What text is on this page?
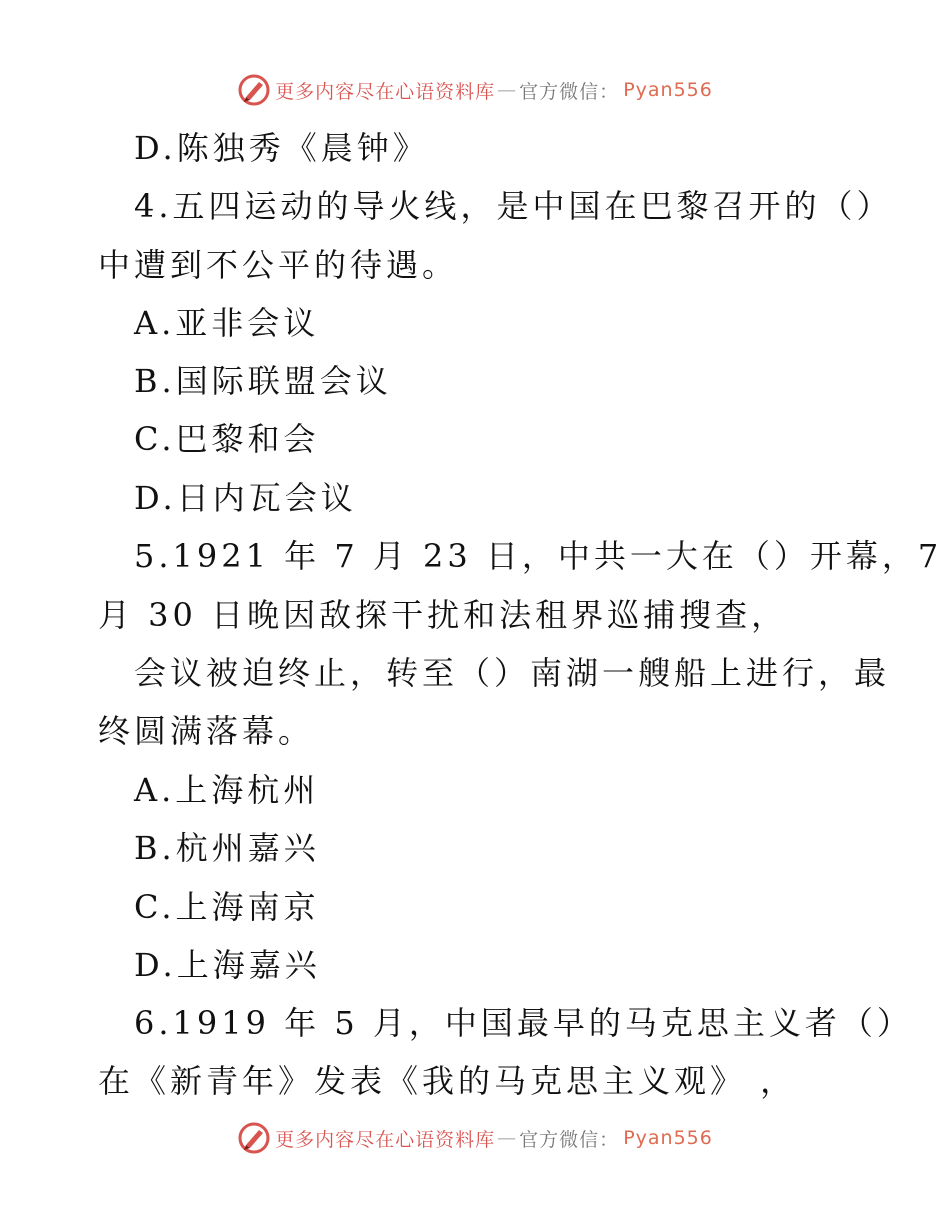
更多内容尽在心语资料库 — 官方微信： Pyan556
D.陈独秀《晨钟》
4.五四运动的导火线，是中国在巴黎召开的（）
中遭到不公平的待遇。
A.亚非会议
B.国际联盟会议
C.巴黎和会
D.日内瓦会议
5.1921 年 7 月 23 日，中共一大在（）开幕，7
月 30 日晚因敌探干扰和法租界巡捕搜查，
会议被迫终止，转至（）南湖一艘船上进行，最
终圆满落幕。
A.上海杭州
B.杭州嘉兴
C.上海南京
D.上海嘉兴
6.1919 年 5 月，中国最早的马克思主义者（）
在《新青年》发表《我的马克思主义观》 ，
更多内容尽在心语资料库 — 官方微信： Pyan556
